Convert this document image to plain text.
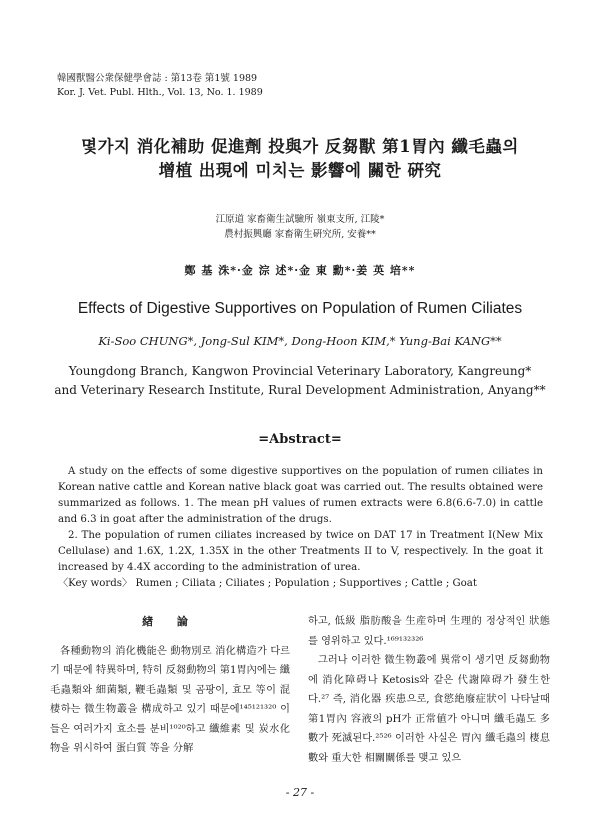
韓國獸醫公衆保健學會誌 : 第13卷 第1號 1989
Kor. J. Vet. Publ. Hlth., Vol. 13, No. 1. 1989
몇가지 消化補助 促進劑 投與가 反芻獸 第1胃內 纖毛蟲의
增植 出現에 미치는 影響에 關한 硏究
江原道 家畜衛生試驗所 嶺東支所, 江陵*
農村振興廳 家畜衛生硏究所, 安養**
鄭 基 洙*·金 淙 述*·金 東 勳*·姜 英 培**
Effects of Digestive Supportives on Population of Rumen Ciliates
Ki-Soo CHUNG*, Jong-Sul KIM*, Dong-Hoon KIM,* Yung-Bai KANG**
Youngdong Branch, Kangwon Provincial Veterinary Laboratory, Kangreung*
and Veterinary Research Institute, Rural Development Administration, Anyang**
=Abstract=

A study on the effects of some digestive supportives on the population of rumen ciliates in Korean native cattle and Korean native black goat was carried out. The results obtained were summarized as follows. 1. The mean pH values of rumen extracts were 6.8(6.6-7.0) in cattle and 6.3 in goat after the administration of the drugs.

2. The population of rumen ciliates increased by twice on DAT 17 in Treatment I(New Mix Cellulase) and 1.6X, 1.2X, 1.35X in the other Treatments II to V, respectively. In the goat it increased by 4.4X according to the administration of urea.

〈Key words〉 Rumen ; Ciliata ; Ciliates ; Population ; Supportives ; Cattle ; Goat

緖 論

各種動物의 消化機能은 動物別로 消化構造가 다르기 때문에 特異하며, 特히 反芻動物의 第1胃內에는 纖毛蟲類와 細菌類, 鞭毛蟲類 및 곰팡이, 효모 等이 混棲하는 微生物叢을 構成하고 있기 때문에¹⁴⁵¹²¹³²⁰ 이들은 여러가지 효소를 분비¹⁰²⁰하고 纖維素 및 炭水化物을 위시하여 蛋白質 等을 分解

하고, 低級 脂肪酸을 生産하며 生理的 정상적인 狀態를 영위하고 있다.¹⁶⁹¹³²³²⁶

그러나 이러한 微生物叢에 異常이 생기면 反芻動物에 消化障碍나 Ketosis와 같은 代謝障碍가 發生한다.²⁷ 즉, 消化器 疾患으로, 食慾絶廢症狀이 나타날때 第1胃內 容液의 pH가 正常値가 아니며 纖毛蟲도 多數가 死滅된다.²⁵²⁶ 이러한 사실은 胃內 纖毛蟲의 棲息數와 重大한 相關關係를 맺고 있으

- 27 -
